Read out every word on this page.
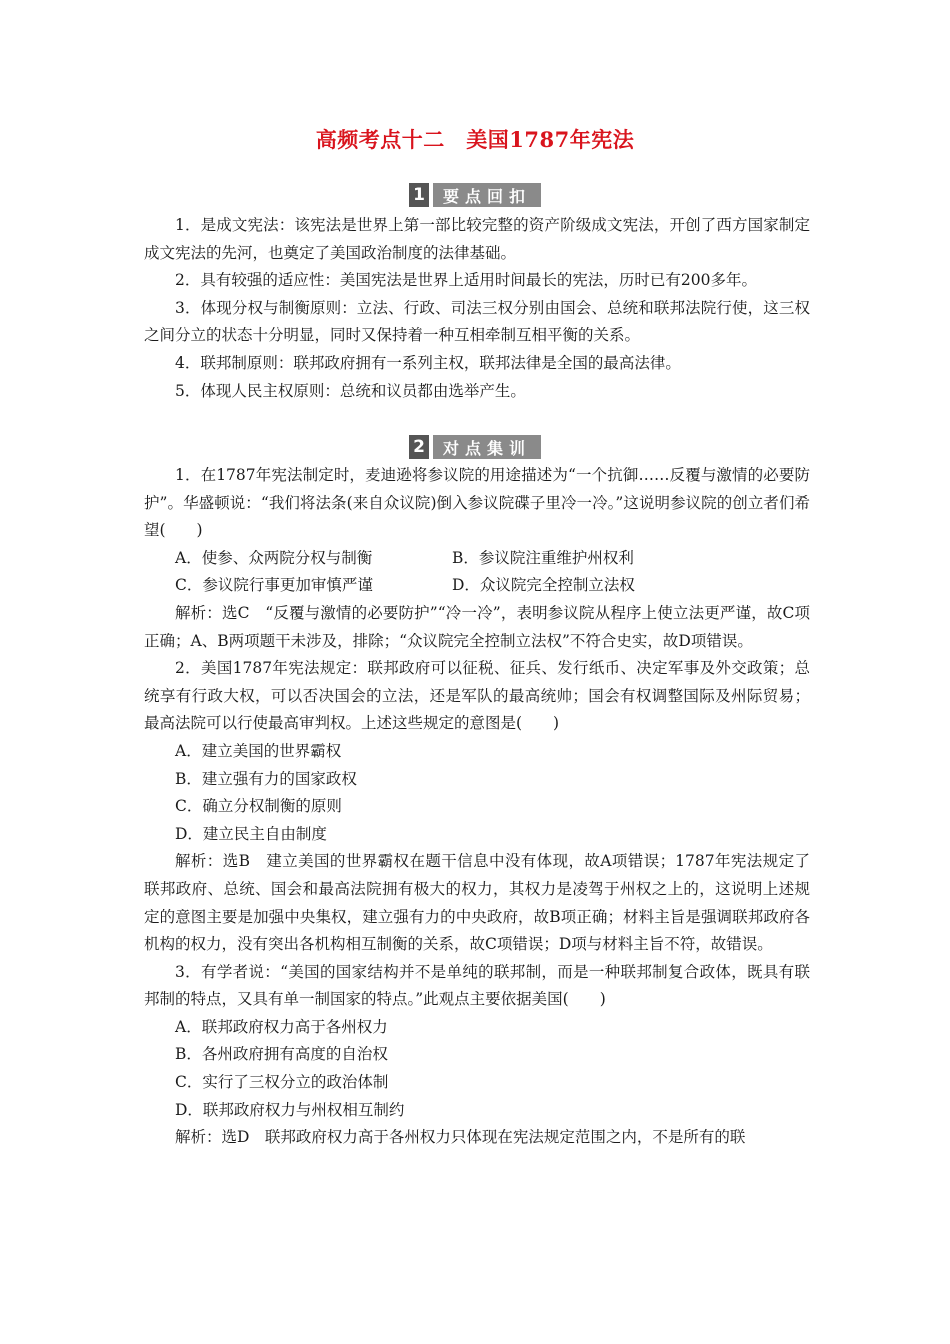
高频考点十二　美国1787年宪法
1	要点回扣

1．是成文宪法：该宪法是世界上第一部比较完整的资产阶级成文宪法，开创了西方国家制定成文宪法的先河，也奠定了美国政治制度的法律基础。

2．具有较强的适应性：美国宪法是世界上适用时间最长的宪法，历时已有200多年。

3．体现分权与制衡原则：立法、行政、司法三权分别由国会、总统和联邦法院行使，这三权之间分立的状态十分明显，同时又保持着一种互相牵制互相平衡的关系。

4．联邦制原则：联邦政府拥有一系列主权，联邦法律是全国的最高法律。

5．体现人民主权原则：总统和议员都由选举产生。

2	对点集训

1．在1787年宪法制定时，麦迪逊将参议院的用途描述为“一个抗御……反覆与激情的必要防护”。华盛顿说：“我们将法条(来自众议院)倒入参议院碟子里冷一冷。”这说明参议院的创立者们希望(　　)

A．使参、众两院分权与制衡	B．参议院注重维护州权利
C．参议院行事更加审慎严谨	D．众议院完全控制立法权

解析：选C　“反覆与激情的必要防护”“冷一冷”，表明参议院从程序上使立法更严谨，故C项正确；A、B两项题干未涉及，排除；“众议院完全控制立法权”不符合史实，故D项错误。

2．美国1787年宪法规定：联邦政府可以征税、征兵、发行纸币、决定军事及外交政策；总统享有行政大权，可以否决国会的立法，还是军队的最高统帅；国会有权调整国际及州际贸易；最高法院可以行使最高审判权。上述这些规定的意图是(　　)

A．建立美国的世界霸权

B．建立强有力的国家政权

C．确立分权制衡的原则

D．建立民主自由制度

解析：选B　建立美国的世界霸权在题干信息中没有体现，故A项错误；1787年宪法规定了联邦政府、总统、国会和最高法院拥有极大的权力，其权力是凌驾于州权之上的，这说明上述规定的意图主要是加强中央集权，建立强有力的中央政府，故B项正确；材料主旨是强调联邦政府各机构的权力，没有突出各机构相互制衡的关系，故C项错误；D项与材料主旨不符，故错误。

3．有学者说：“美国的国家结构并不是单纯的联邦制，而是一种联邦制复合政体，既具有联邦制的特点，又具有单一制国家的特点。”此观点主要依据美国(　　)

A．联邦政府权力高于各州权力

B．各州政府拥有高度的自治权

C．实行了三权分立的政治体制

D．联邦政府权力与州权相互制约

解析：选D　联邦政府权力高于各州权力只体现在宪法规定范围之内，不是所有的联
